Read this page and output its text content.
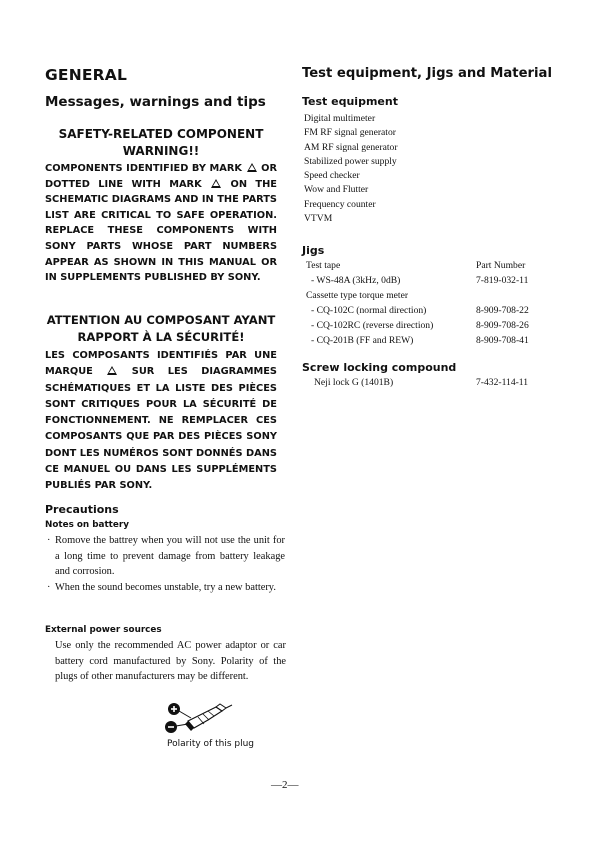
GENERAL
Messages, warnings and tips
SAFETY-RELATED COMPONENT
WARNING!!
COMPONENTS IDENTIFIED BY MARK OR DOTTED LINE WITH MARK	ON THE SCHEMATIC DIAGRAMS AND IN THE PARTS LIST ARE CRITICAL TO SAFE OPERATION. REPLACE THESE COMPONENTS WITH SONY PARTS WHOSE PART NUMBERS APPEAR AS SHOWN IN THIS MANUAL OR IN SUPPLEMENTS PUBLISHED BY SONY.
ATTENTION AU COMPOSANT AYANT
RAPPORT À LA SÉCURITÉ!
LES COMPOSANTS IDENTIFIÉS PAR UNE MARQUE	SUR LES DIAGRAMMES SCHÉMATIQUES ET LA LISTE DES PIÈCES SONT CRITIQUES POUR LA SÉCURITÉ DE FONCTIONNEMENT. NE REMPLACER CES COMPOSANTS QUE PAR DES PIÈCES SONY DONT LES NUMÉROS SONT DONNÉS DANS CE MANUEL OU DANS LES SUPPLÉMENTS PUBLIÉS PAR SONY.
Precautions
Notes on battery
· Romove the battrey when you will not use the unit for a long time to prevent damage from battery leakage and corrosion.
· When the sound becomes unstable, try a new battery.
External power sources
Use only the recommended AC power adaptor or car battery cord manufactured by Sony. Polarity of the plugs of other manufacturers may be different.
Polarity of this plug
—2—
Test equipment, Jigs and Material
Test equipment
Digital multimeter
FM RF signal generator
AM RF signal generator
Stabilized power supply
Speed checker
Wow and Flutter
Frequency counter
VTVM
Jigs
Test tape	Part Number
- WS-48A (3kHz, 0dB)	7-819-032-11
Cassette type torque meter
- CQ-102C (normal direction)	8-909-708-22
- CQ-102RC (reverse direction)	8-909-708-26
- CQ-201B (FF and REW)	8-909-708-41
Screw locking compound
Neji lock G (1401B)	7-432-114-11
